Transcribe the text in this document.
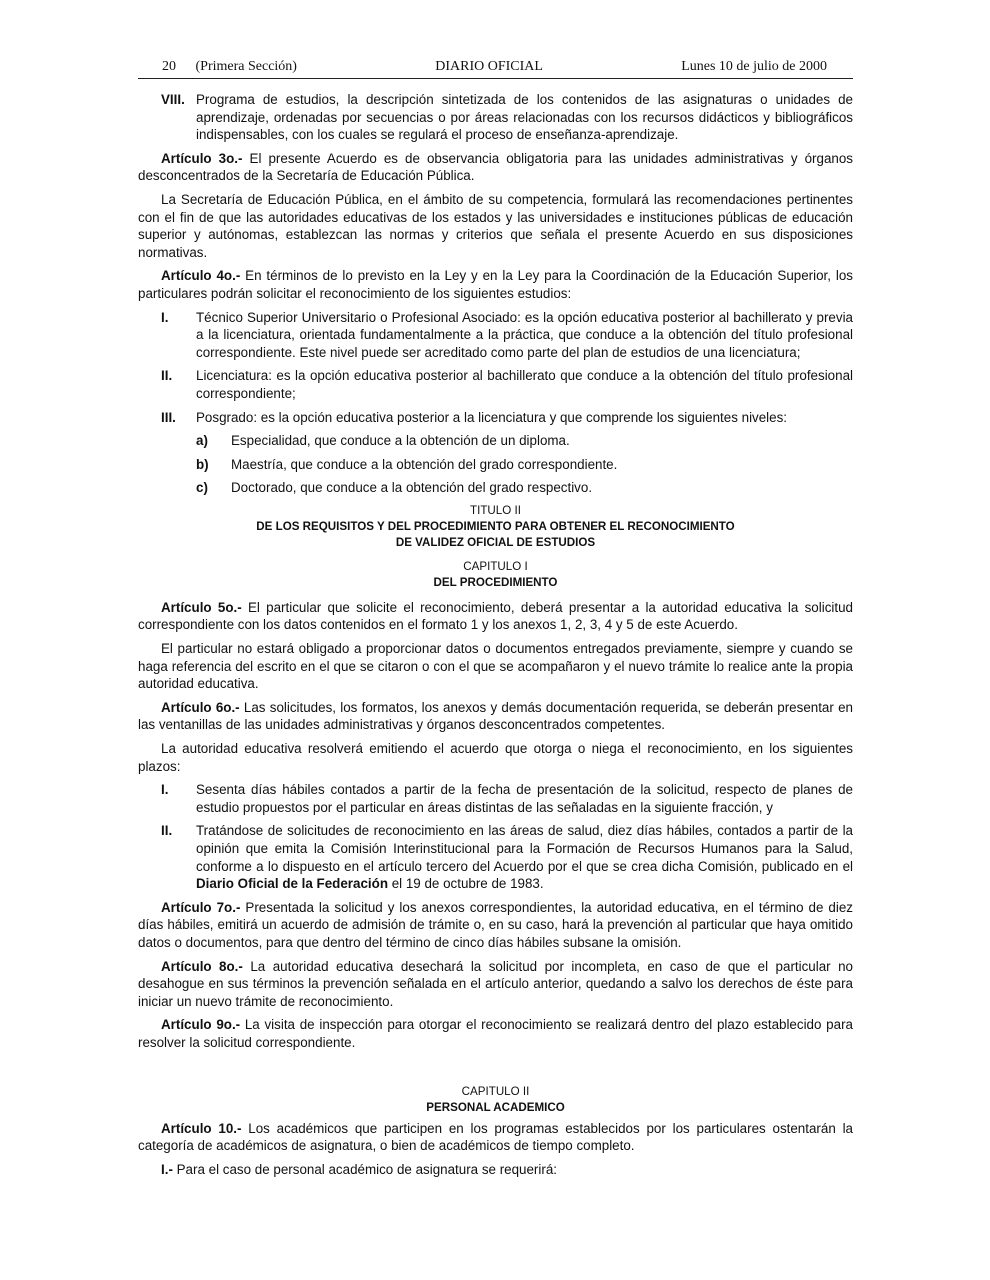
20 (Primera Sección)	DIARIO OFICIAL	Lunes 10 de julio de 2000
VIII. Programa de estudios, la descripción sintetizada de los contenidos de las asignaturas o unidades de aprendizaje, ordenadas por secuencias o por áreas relacionadas con los recursos didácticos y bibliográficos indispensables, con los cuales se regulará el proceso de enseñanza-aprendizaje.

Artículo 3o.- El presente Acuerdo es de observancia obligatoria para las unidades administrativas y órganos desconcentrados de la Secretaría de Educación Pública.

La Secretaría de Educación Pública, en el ámbito de su competencia, formulará las recomendaciones pertinentes con el fin de que las autoridades educativas de los estados y las universidades e instituciones públicas de educación superior y autónomas, establezcan las normas y criterios que señala el presente Acuerdo en sus disposiciones normativas.

Artículo 4o.- En términos de lo previsto en la Ley y en la Ley para la Coordinación de la Educación Superior, los particulares podrán solicitar el reconocimiento de los siguientes estudios:

I.	Técnico Superior Universitario o Profesional Asociado: es la opción educativa posterior al bachillerato y previa a la licenciatura, orientada fundamentalmente a la práctica, que conduce a la obtención del título profesional correspondiente. Este nivel puede ser acreditado como parte del plan de estudios de una licenciatura;
II.	Licenciatura: es la opción educativa posterior al bachillerato que conduce a la obtención del título profesional correspondiente;
III.	Posgrado: es la opción educativa posterior a la licenciatura y que comprende los siguientes niveles:
a)	Especialidad, que conduce a la obtención de un diploma.
b)	Maestría, que conduce a la obtención del grado correspondiente.
c)	Doctorado, que conduce a la obtención del grado respectivo.

TITULO II

DE LOS REQUISITOS Y DEL PROCEDIMIENTO PARA OBTENER EL RECONOCIMIENTO

DE VALIDEZ OFICIAL DE ESTUDIOS

CAPITULO I

DEL PROCEDIMIENTO

Artículo 5o.- El particular que solicite el reconocimiento, deberá presentar a la autoridad educativa la solicitud correspondiente con los datos contenidos en el formato 1 y los anexos 1, 2, 3, 4 y 5 de este Acuerdo.

El particular no estará obligado a proporcionar datos o documentos entregados previamente, siempre y cuando se haga referencia del escrito en el que se citaron o con el que se acompañaron y el nuevo trámite lo realice ante la propia autoridad educativa.

Artículo 6o.- Las solicitudes, los formatos, los anexos y demás documentación requerida, se deberán presentar en las ventanillas de las unidades administrativas y órganos desconcentrados competentes.

La autoridad educativa resolverá emitiendo el acuerdo que otorga o niega el reconocimiento, en los siguientes plazos:

I.	Sesenta días hábiles contados a partir de la fecha de presentación de la solicitud, respecto de planes de estudio propuestos por el particular en áreas distintas de las señaladas en la siguiente fracción, y
II.	Tratándose de solicitudes de reconocimiento en las áreas de salud, diez días hábiles, contados a partir de la opinión que emita la Comisión Interinstitucional para la Formación de Recursos Humanos para la Salud, conforme a lo dispuesto en el artículo tercero del Acuerdo por el que se crea dicha Comisión, publicado en el Diario Oficial de la Federación el 19 de octubre de 1983.

Artículo 7o.- Presentada la solicitud y los anexos correspondientes, la autoridad educativa, en el término de diez días hábiles, emitirá un acuerdo de admisión de trámite o, en su caso, hará la prevención al particular que haya omitido datos o documentos, para que dentro del término de cinco días hábiles subsane la omisión.

Artículo 8o.- La autoridad educativa desechará la solicitud por incompleta, en caso de que el particular no desahogue en sus términos la prevención señalada en el artículo anterior, quedando a salvo los derechos de éste para iniciar un nuevo trámite de reconocimiento.

Artículo 9o.- La visita de inspección para otorgar el reconocimiento se realizará dentro del plazo establecido para resolver la solicitud correspondiente.

CAPITULO II

PERSONAL ACADEMICO

Artículo 10.- Los académicos que participen en los programas establecidos por los particulares ostentarán la categoría de académicos de asignatura, o bien de académicos de tiempo completo.

I.- Para el caso de personal académico de asignatura se requerirá:
